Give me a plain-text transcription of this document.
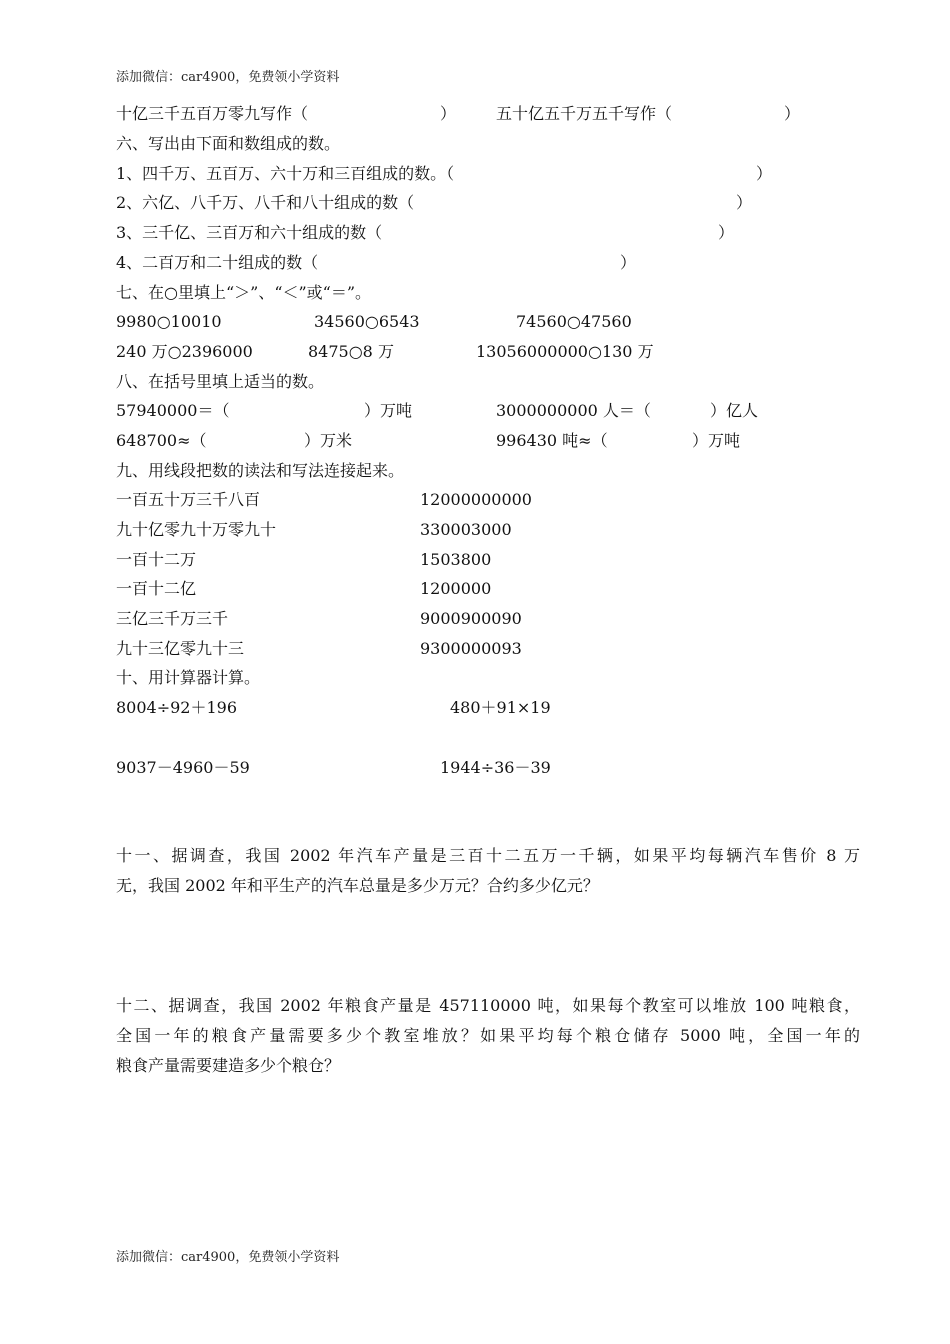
添加微信：car4900，免费领小学资料
十亿三千五百万零九写作（	） 五十亿五千万五千写作（	）
六、写出由下面和数组成的数。
1、四千万、五百万、六十万和三百组成的数。（	）
2、六亿、八千万、八千和八十组成的数（	）
3、三千亿、三百万和六十组成的数（	）
4、二百万和二十组成的数（	）
七、在○里填上“＞”、“＜”或“＝”。
9980○10010	34560○6543	74560○47560
240 万○2396000	8475○8 万	13056000000○130 万
八、在括号里填上适当的数。
57940000＝（	）万吨	3000000000 人＝（	）亿人
648700≈（	）万米	996430 吨≈（	）万吨
九、用线段把数的读法和写法连接起来。
一百五十万三千八百	12000000000
九十亿零九十万零九十	330003000
一百十二万	1503800
一百十二亿	1200000
三亿三千万三千	9000900090
九十三亿零九十三	9300000093
十、用计算器计算。
8004÷92＋196	480＋91×19
9037－4960－59	1944÷36－39
十一、据调查，我国 2002 年汽车产量是三百十二五万一千辆，如果平均每辆汽车售价 8 万
无，我国 2002 年和平生产的汽车总量是多少万元？合约多少亿元？
十二、据调查，我国 2002 年粮食产量是 457110000 吨，如果每个教室可以堆放 100 吨粮食，
全国一年的粮食产量需要多少个教室堆放？如果平均每个粮仓储存 5000 吨，全国一年的
粮食产量需要建造多少个粮仓？
添加微信：car4900，免费领小学资料
